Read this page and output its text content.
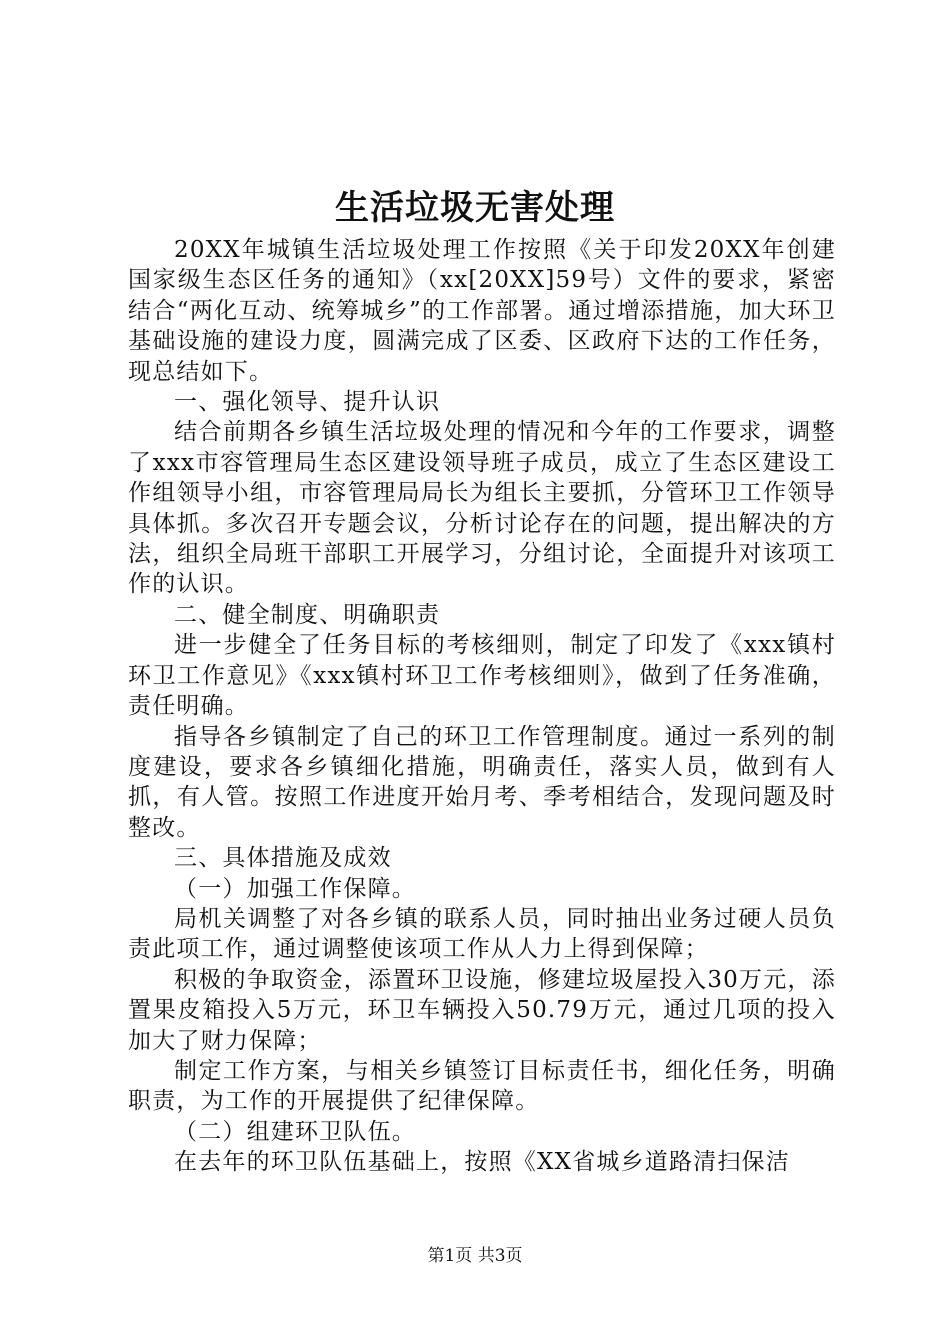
生活垃圾无害处理

20XX年城镇生活垃圾处理工作按照《关于印发20XX年创建国家级生态区任务的通知》（xx[20XX]59号）文件的要求，紧密结合“两化互动、统筹城乡”的工作部署。通过增添措施，加大环卫基础设施的建设力度，圆满完成了区委、区政府下达的工作任务，现总结如下。

一、强化领导、提升认识

结合前期各乡镇生活垃圾处理的情况和今年的工作要求，调整了xxx市容管理局生态区建设领导班子成员，成立了生态区建设工作组领导小组，市容管理局局长为组长主要抓，分管环卫工作领导具体抓。多次召开专题会议，分析讨论存在的问题，提出解决的方法，组织全局班干部职工开展学习，分组讨论，全面提升对该项工作的认识。

二、健全制度、明确职责

进一步健全了任务目标的考核细则，制定了印发了《xxx镇村环卫工作意见》《xxx镇村环卫工作考核细则》，做到了任务准确，责任明确。

指导各乡镇制定了自己的环卫工作管理制度。通过一系列的制度建设，要求各乡镇细化措施，明确责任，落实人员，做到有人抓，有人管。按照工作进度开始月考、季考相结合，发现问题及时整改。

三、具体措施及成效

（一）加强工作保障。

局机关调整了对各乡镇的联系人员，同时抽出业务过硬人员负责此项工作，通过调整使该项工作从人力上得到保障；

积极的争取资金，添置环卫设施，修建垃圾屋投入30万元，添置果皮箱投入5万元，环卫车辆投入50.79万元，通过几项的投入加大了财力保障；

制定工作方案，与相关乡镇签订目标责任书，细化任务，明确职责，为工作的开展提供了纪律保障。

（二）组建环卫队伍。

在去年的环卫队伍基础上，按照《XX省城乡道路清扫保洁

第1页 共3页
